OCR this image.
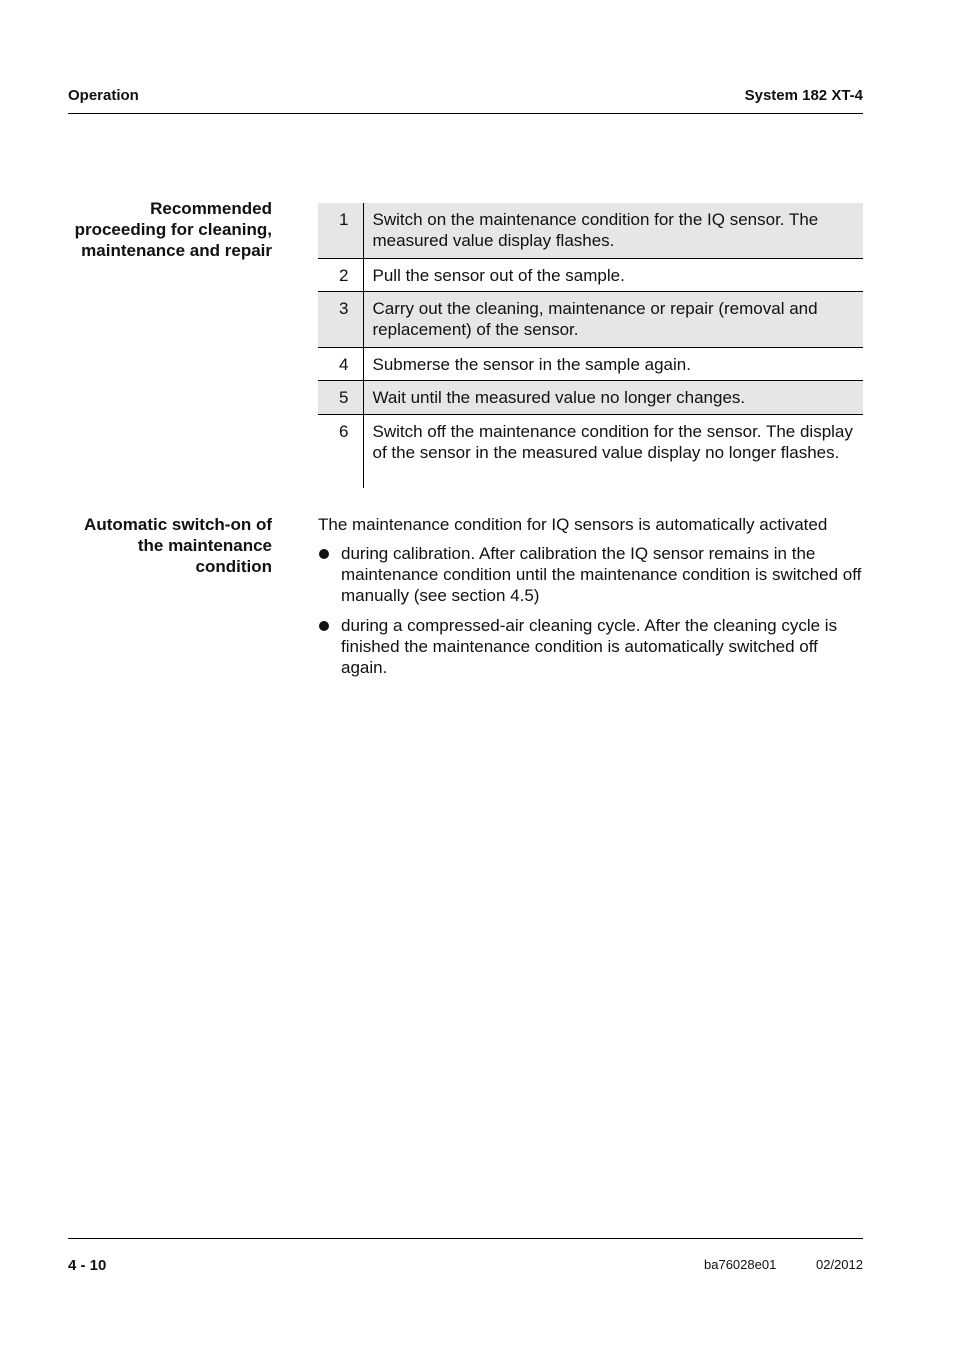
Operation	System 182 XT-4
Recommended
proceeding for cleaning,
maintenance and repair
1	Switch on the maintenance condition for the IQ sensor. The measured value display flashes.
2	Pull the sensor out of the sample.
3	Carry out the cleaning, maintenance or repair (removal and replacement) of the sensor.
4	Submerse the sensor in the sample again.
5	Wait until the measured value no longer changes.
6	Switch off the maintenance condition for the sensor. The display of the sensor in the measured value display no longer flashes.
Automatic switch-on of
the maintenance
condition
The maintenance condition for IQ sensors is automatically activated
during calibration. After calibration the IQ sensor remains in the maintenance condition until the maintenance condition is switched off manually (see section 4.5)
during a compressed-air cleaning cycle. After the cleaning cycle is finished the maintenance condition is automatically switched off again.
4 - 10	ba76028e01	02/2012
